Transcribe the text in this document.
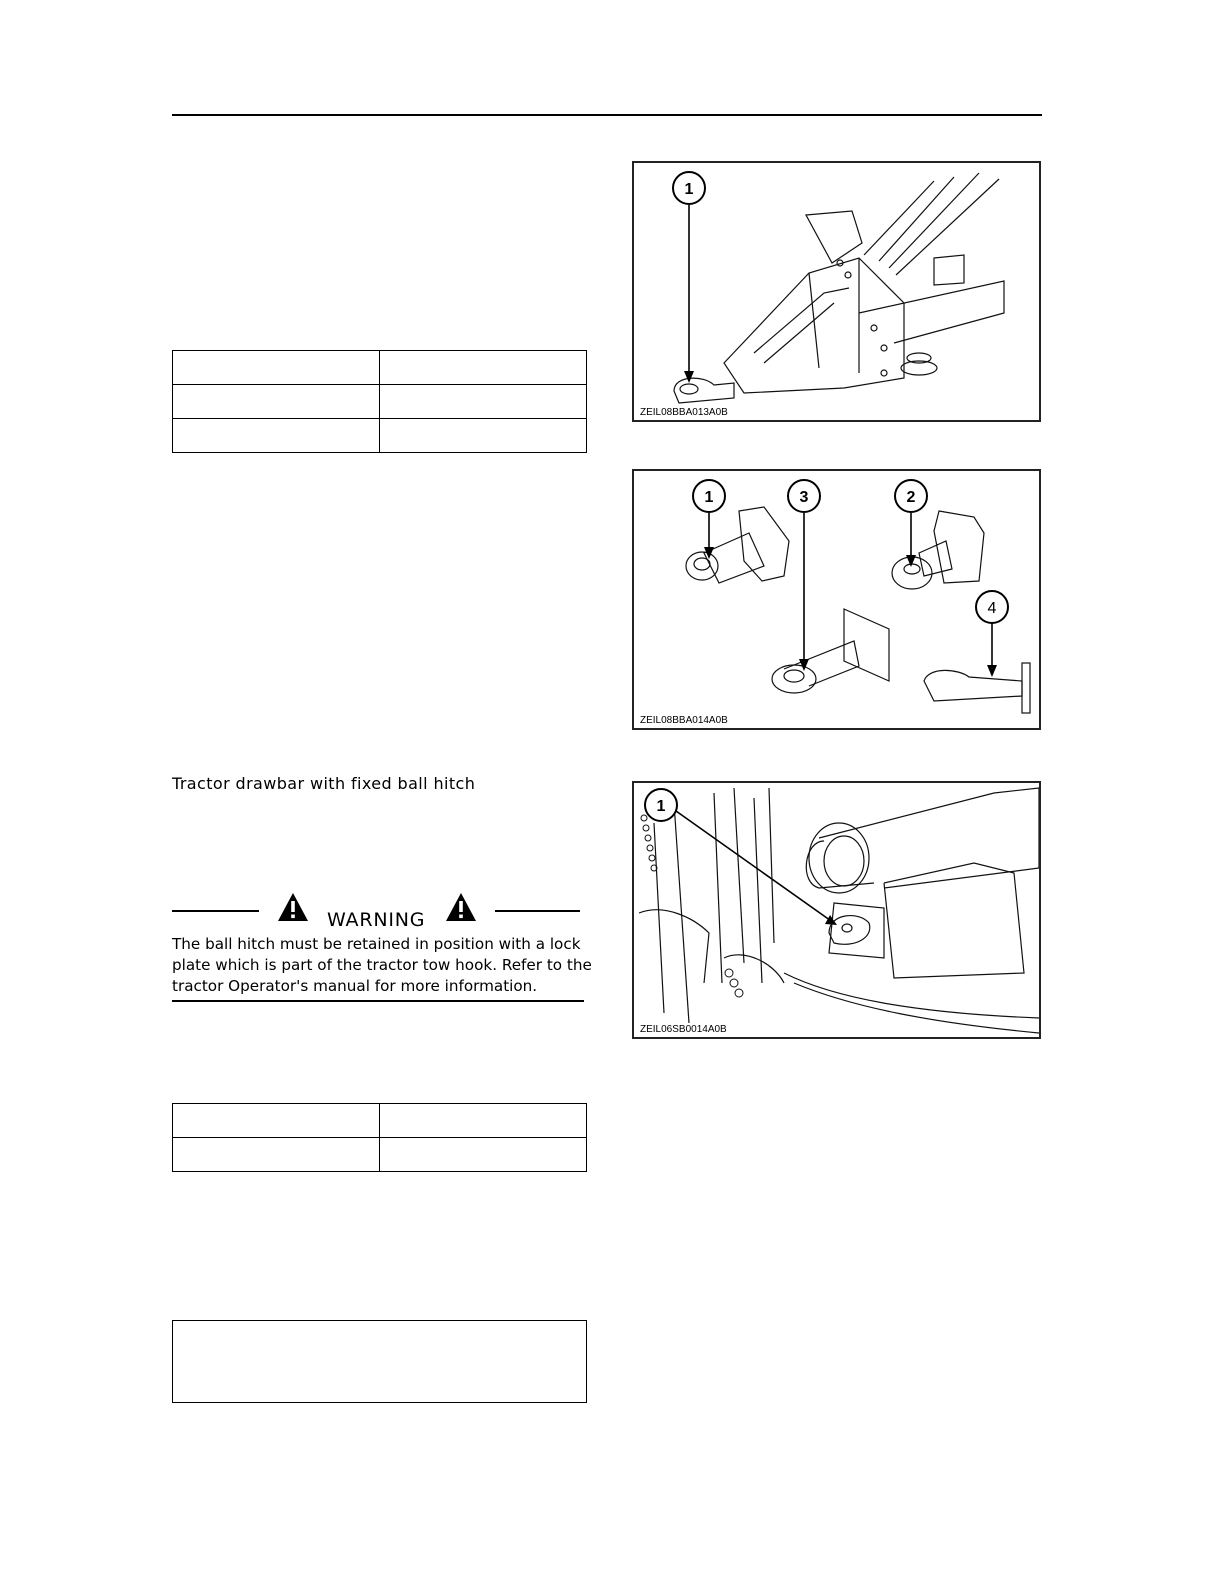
Tractor drawbar with fixed ball hitch
WARNING
The ball hitch must be retained in position with a lock plate which is part of the tractor tow hook. Refer to the tractor Operator's manual for more information.

1
ZEIL08BBA013A0B
1	3	2
4
ZEIL08BBA014A0B
1
ZEIL06SB0014A0B
